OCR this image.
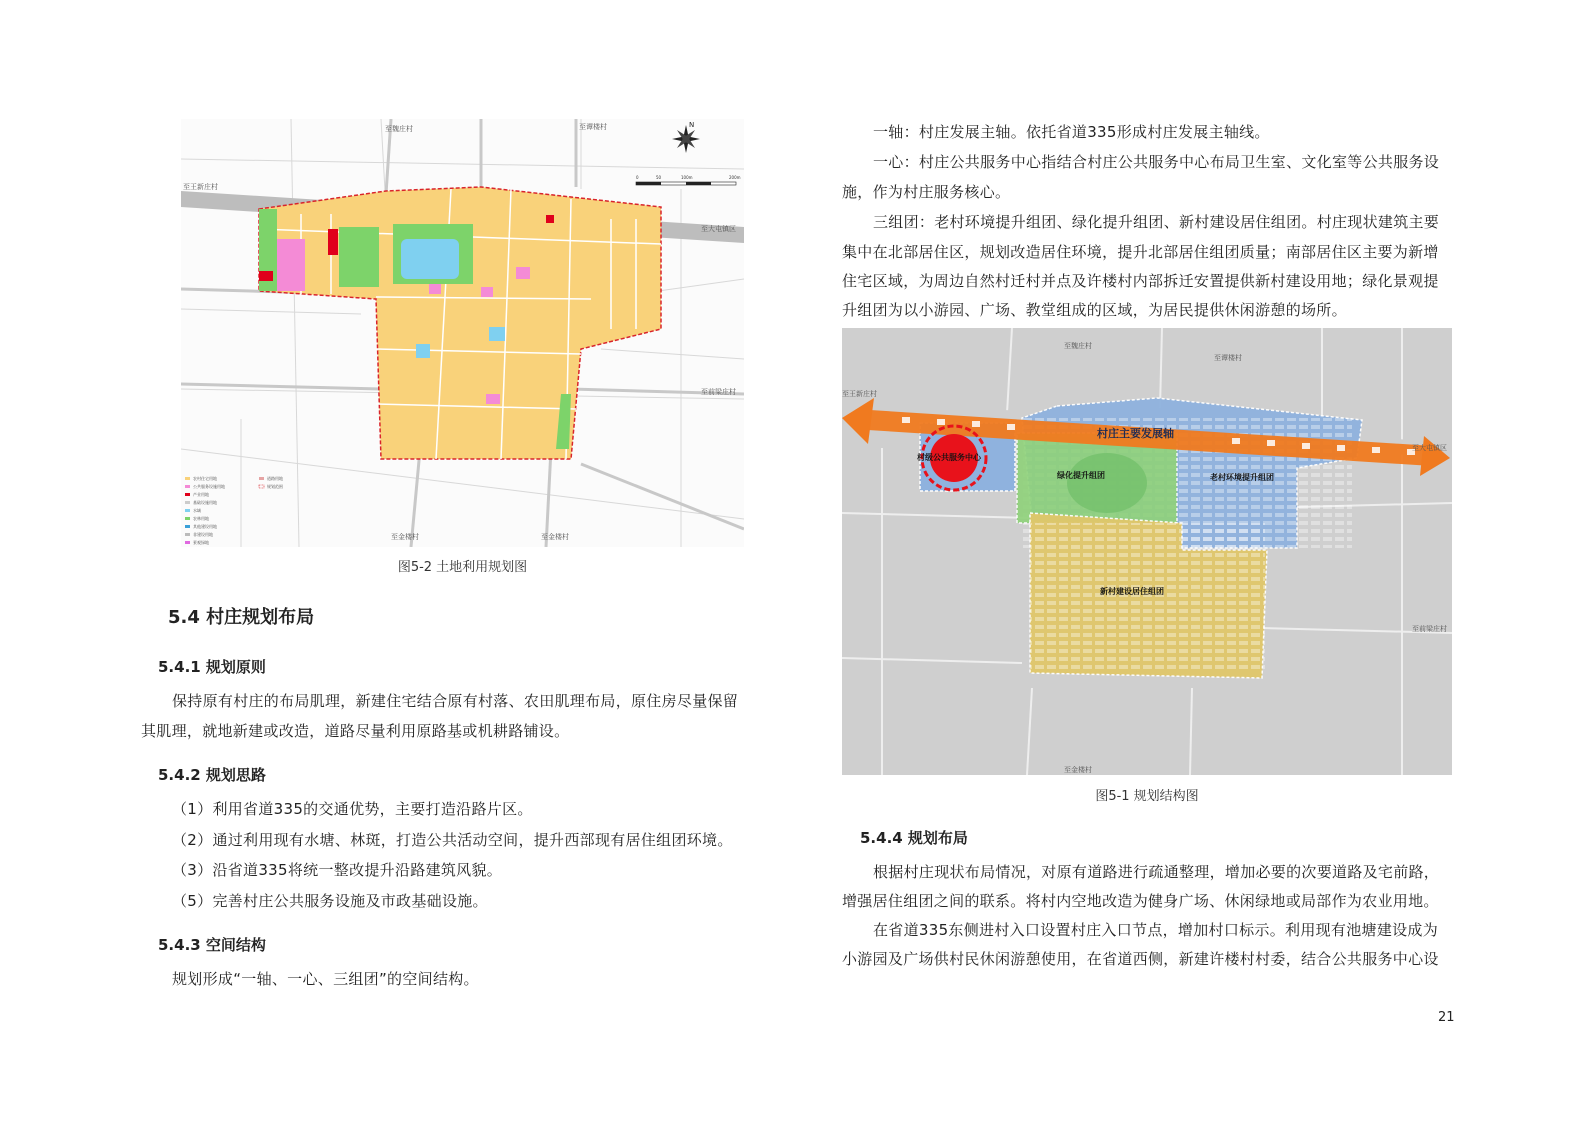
至魏庄村	至谭楼村
至王新庄村
至大屯镇区
至前梁庄村
至金楼村	至金楼村
N
0	50	100m	200m
农村住宅用地
公共服务设施用地
产业用地
基础设施用地
水域
农林用地
其他建设用地
非建设用地
景观绿地
道路用地
规划范围
图5-2 土地利用规划图
5.4 村庄规划布局
5.4.1 规划原则
保持原有村庄的布局肌理，新建住宅结合原有村落、农田肌理布局，原住房尽量保留
其肌理，就地新建或改造，道路尽量利用原路基或机耕路铺设。
5.4.2 规划思路
（1）利用省道335的交通优势，主要打造沿路片区。
（2）通过利用现有水塘、林斑，打造公共活动空间，提升西部现有居住组团环境。
（3）沿省道335将统一整改提升沿路建筑风貌。
（5）完善村庄公共服务设施及市政基础设施。
5.4.3 空间结构
规划形成“一轴、一心、三组团”的空间结构。
一轴：村庄发展主轴。依托省道335形成村庄发展主轴线。
一心：村庄公共服务中心指结合村庄公共服务中心布局卫生室、文化室等公共服务设
施，作为村庄服务核心。
三组团：老村环境提升组团、绿化提升组团、新村建设居住组团。村庄现状建筑主要
集中在北部居住区，规划改造居住环境，提升北部居住组团质量；南部居住区主要为新增
住宅区域，为周边自然村迁村并点及许楼村内部拆迁安置提供新村建设用地；绿化景观提
升组团为以小游园、广场、教堂组成的区域，为居民提供休闲游憩的场所。
村庄主要发展轴
村级公共服务中心
绿化提升组团	老村环境提升组团
新村建设居住组团
至魏庄村
至谭楼村
至王新庄村
至大屯镇区
至前梁庄村
至金楼村
图5-1 规划结构图
5.4.4 规划布局
根据村庄现状布局情况，对原有道路进行疏通整理，增加必要的次要道路及宅前路，
增强居住组团之间的联系。将村内空地改造为健身广场、休闲绿地或局部作为农业用地。
在省道335东侧进村入口设置村庄入口节点，增加村口标示。利用现有池塘建设成为
小游园及广场供村民休闲游憩使用，在省道西侧，新建许楼村村委，结合公共服务中心设
21
